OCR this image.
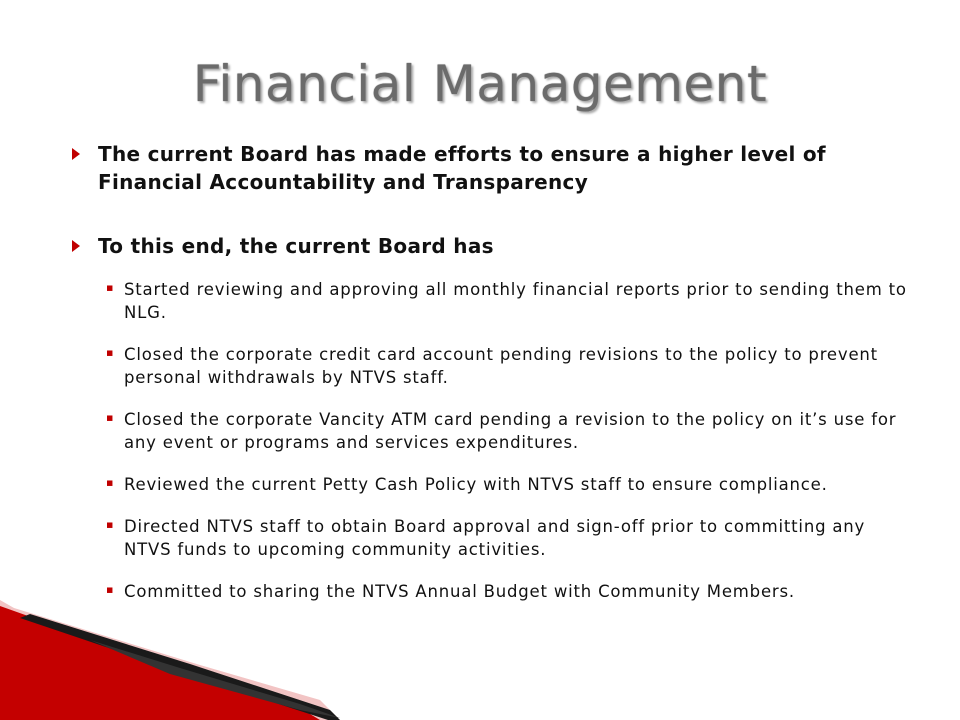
Financial Management
The current Board has made efforts to ensure a higher level of Financial Accountability and Transparency
To this end, the current Board has
▪ Started reviewing and approving all monthly financial reports prior to sending them to NLG.
▪ Closed the corporate credit card account pending revisions to the policy to prevent personal withdrawals by NTVS staff.
▪ Closed the corporate Vancity ATM card pending a revision to the policy on it’s use for any event or programs and services expenditures.
▪ Reviewed the current Petty Cash Policy with NTVS staff to ensure compliance.
▪ Directed NTVS staff to obtain Board approval and sign-off prior to committing any NTVS funds to upcoming community activities.
▪ Committed to sharing the NTVS Annual Budget with Community Members.
